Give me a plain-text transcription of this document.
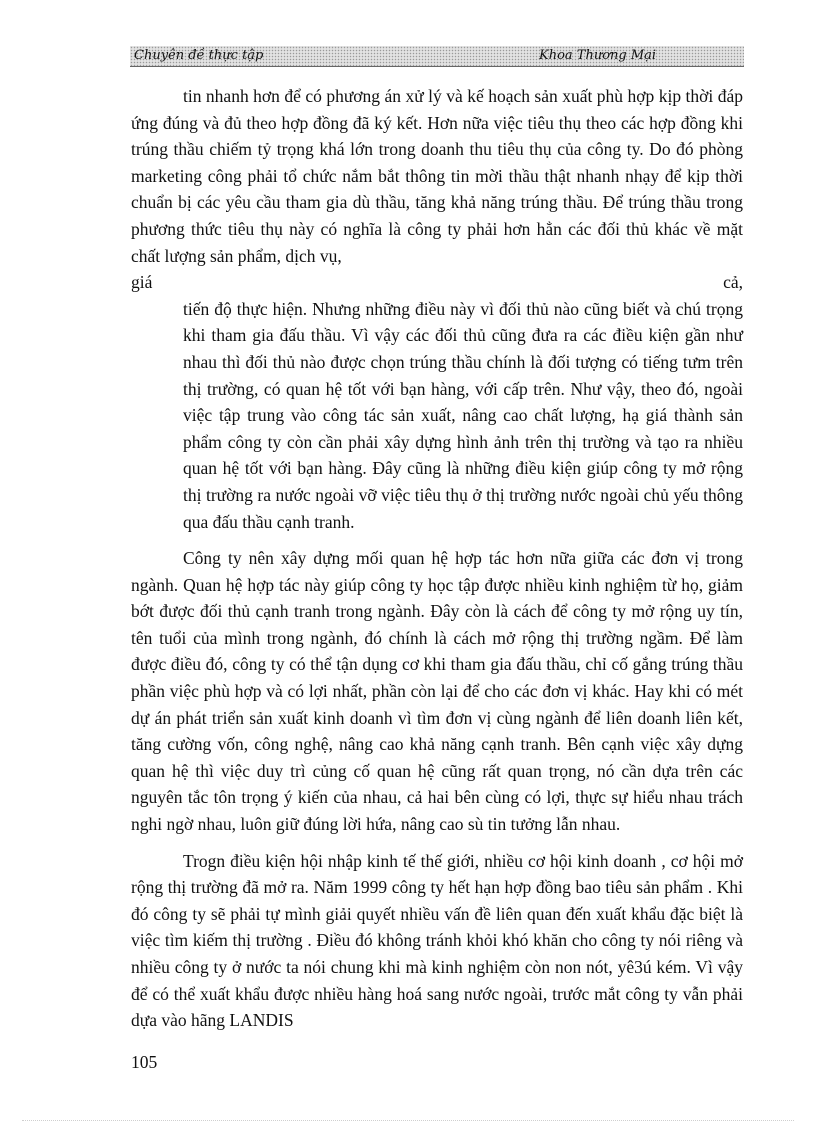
Chuyên đề thực tập	Khoa Thương Mại

tin nhanh hơn để có phương án xử lý và kế hoạch sản xuất phù hợp kịp thời đáp ứng đúng và đủ theo hợp đồng đã ký kết. Hơn nữa việc tiêu thụ theo các hợp đồng khi trúng thầu chiếm tỷ trọng khá lớn trong doanh thu tiêu thụ của công ty. Do đó phòng marketing công phải tổ chức nắm bắt thông tin mời thầu thật nhanh nhạy để kịp thời chuẩn bị các yêu cầu tham gia dù thầu, tăng khả năng trúng thầu. Để trúng thầu trong phương thức tiêu thụ này có nghĩa là công ty phải hơn hẳn các đối thủ khác về mặt chất lượng sản phẩm, dịch vụ,

giá	cả,

tiến độ thực hiện. Nhưng những điều này vì đối thủ nào cũng biết và chú trọng khi tham gia đấu thầu. Vì vậy các đối thủ cũng đưa ra các điều kiện gần như nhau thì đối thủ nào được chọn trúng thầu chính là đối tượng có tiếng tưm trên thị trường, có quan hệ tốt với bạn hàng, với cấp trên. Như vậy, theo đó, ngoài việc tập trung vào công tác sản xuất, nâng cao chất lượng, hạ giá thành sản phẩm công ty còn cần phải xây dựng hình ảnh trên thị trường và tạo ra nhiều quan hệ tốt với bạn hàng. Đây cũng là những điều kiện giúp công ty mở rộng thị trường ra nước ngoài vỡ việc tiêu thụ ở thị trường nước ngoài chủ yếu thông qua đấu thầu cạnh tranh.

Công ty nên xây dựng mối quan hệ hợp tác hơn nữa giữa các đơn vị trong ngành. Quan hệ hợp tác này giúp công ty học tập được nhiều kinh nghiệm từ họ, giảm bớt được đối thủ cạnh tranh trong ngành. Đây còn là cách để công ty mở rộng uy tín, tên tuổi của mình trong ngành, đó chính là cách mở rộng thị trường ngầm. Để làm được điều đó, công ty có thể tận dụng cơ khi tham gia đấu thầu, chỉ cố gắng trúng thầu phần việc phù hợp và có lợi nhất, phần còn lại để cho các đơn vị khác. Hay khi có mét dự án phát triển sản xuất kinh doanh vì tìm đơn vị cùng ngành để liên doanh liên kết, tăng cường vốn, công nghệ, nâng cao khả năng cạnh tranh. Bên cạnh việc xây dựng quan hệ thì việc duy trì củng cố quan hệ cũng rất quan trọng, nó cần dựa trên các nguyên tắc tôn trọng ý kiến của nhau, cả hai bên cùng có lợi, thực sự hiểu nhau trách nghi ngờ nhau, luôn giữ đúng lời hứa, nâng cao sù tin tưởng lẫn nhau.

Trogn điều kiện hội nhập kinh tế thế giới, nhiều cơ hội kinh doanh , cơ hội mở rộng thị trường đã mở ra. Năm 1999 công ty hết hạn hợp đồng bao tiêu sản phẩm . Khi đó công ty sẽ phải tự mình giải quyết nhiều vấn đề liên quan đến xuất khẩu đặc biệt là việc tìm kiếm thị trường . Điều đó không tránh khỏi khó khăn cho công ty nói riêng và nhiều công ty ở nước ta nói chung khi mà kinh nghiệm còn non nót, yê3ú kém. Vì vậy để có thể xuất khẩu được nhiều hàng hoá sang nước ngoài, trước mắt công ty vẫn phải dựa vào hãng LANDIS

105
